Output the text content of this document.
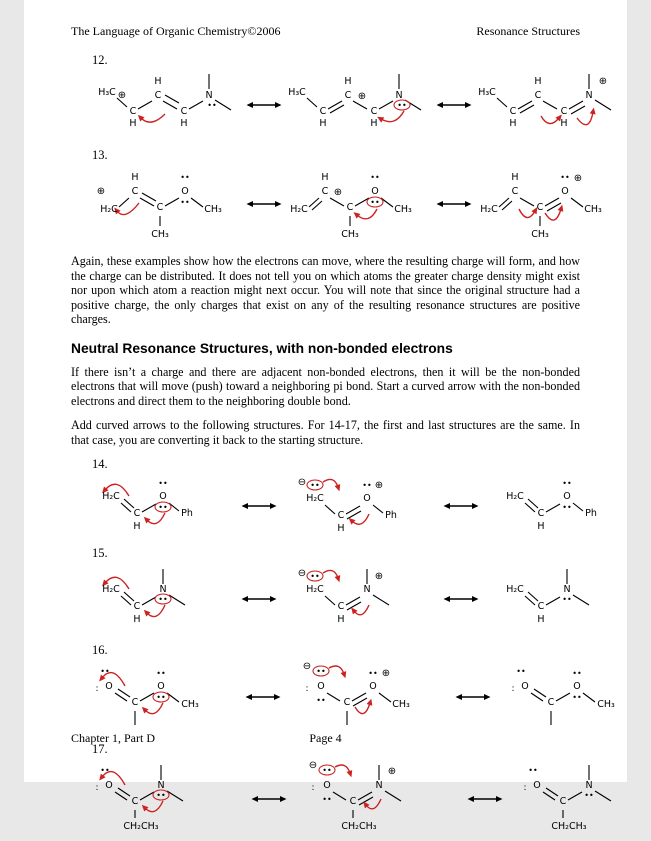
The Language of Organic Chemistry©2006	Resonance Structures
12.
H₃C ⊕
C
H
C
H
C
H
N
••
H₃C
C
H
C
H
⊕
C
H
N
••
H₃C
C
H
C
H
C
H
N
⊕
13.
⊕
H₂C
C
H
C
CH₃
O
••
••
CH₃	H₂C
C
H
⊕
C
CH₃
O
••
••
CH₃	H₂C
C
H
C
CH₃
O
•• ⊕
CH₃

Again, these examples show how the electrons can move, where the resulting charge will form, and how the charge can be distributed. It does not tell you on which atoms the greater charge density might exist nor upon which atom a reaction might next occur. You will note that since the original structure had a positive charge, the only charges that exist on any of the resulting resonance structures are positive charges.

Neutral Resonance Structures, with non-bonded electrons

If there isn’t a charge and there are adjacent non-bonded electrons, then it will be the non-bonded electrons that will move (push) toward a neighboring pi bond. Start a curved arrow with the non-bonded electrons and direct them to the neighboring double bond.

Add curved arrows to the following structures. For 14-17, the first and last structures are the same. In that case, you are converting it back to the starting structure.

14.
H₂C
C
H
O
••
••
Ph
⊖ ••
H₂C
C
H
O
•• ⊕
Ph
H₂C
C
H
O
••
••
Ph
15.
H₂C
C
H
N
••
⊖ ••
H₂C
C
H
N
⊕
H₂C
C
H
N
••
16.
••
: O
C
O
••
••
CH₃
⊖ ••
: O
•• C
O
•• ⊕
CH₃
••
: O
C
O
••
••
CH₃
17.
••
: O
C
CH₂CH₃
N
••
⊖ ••
: O
•• C
CH₂CH₃
N
⊕	••
: O
C
CH₂CH₃
N
••
Chapter 1, Part D	Page 4
